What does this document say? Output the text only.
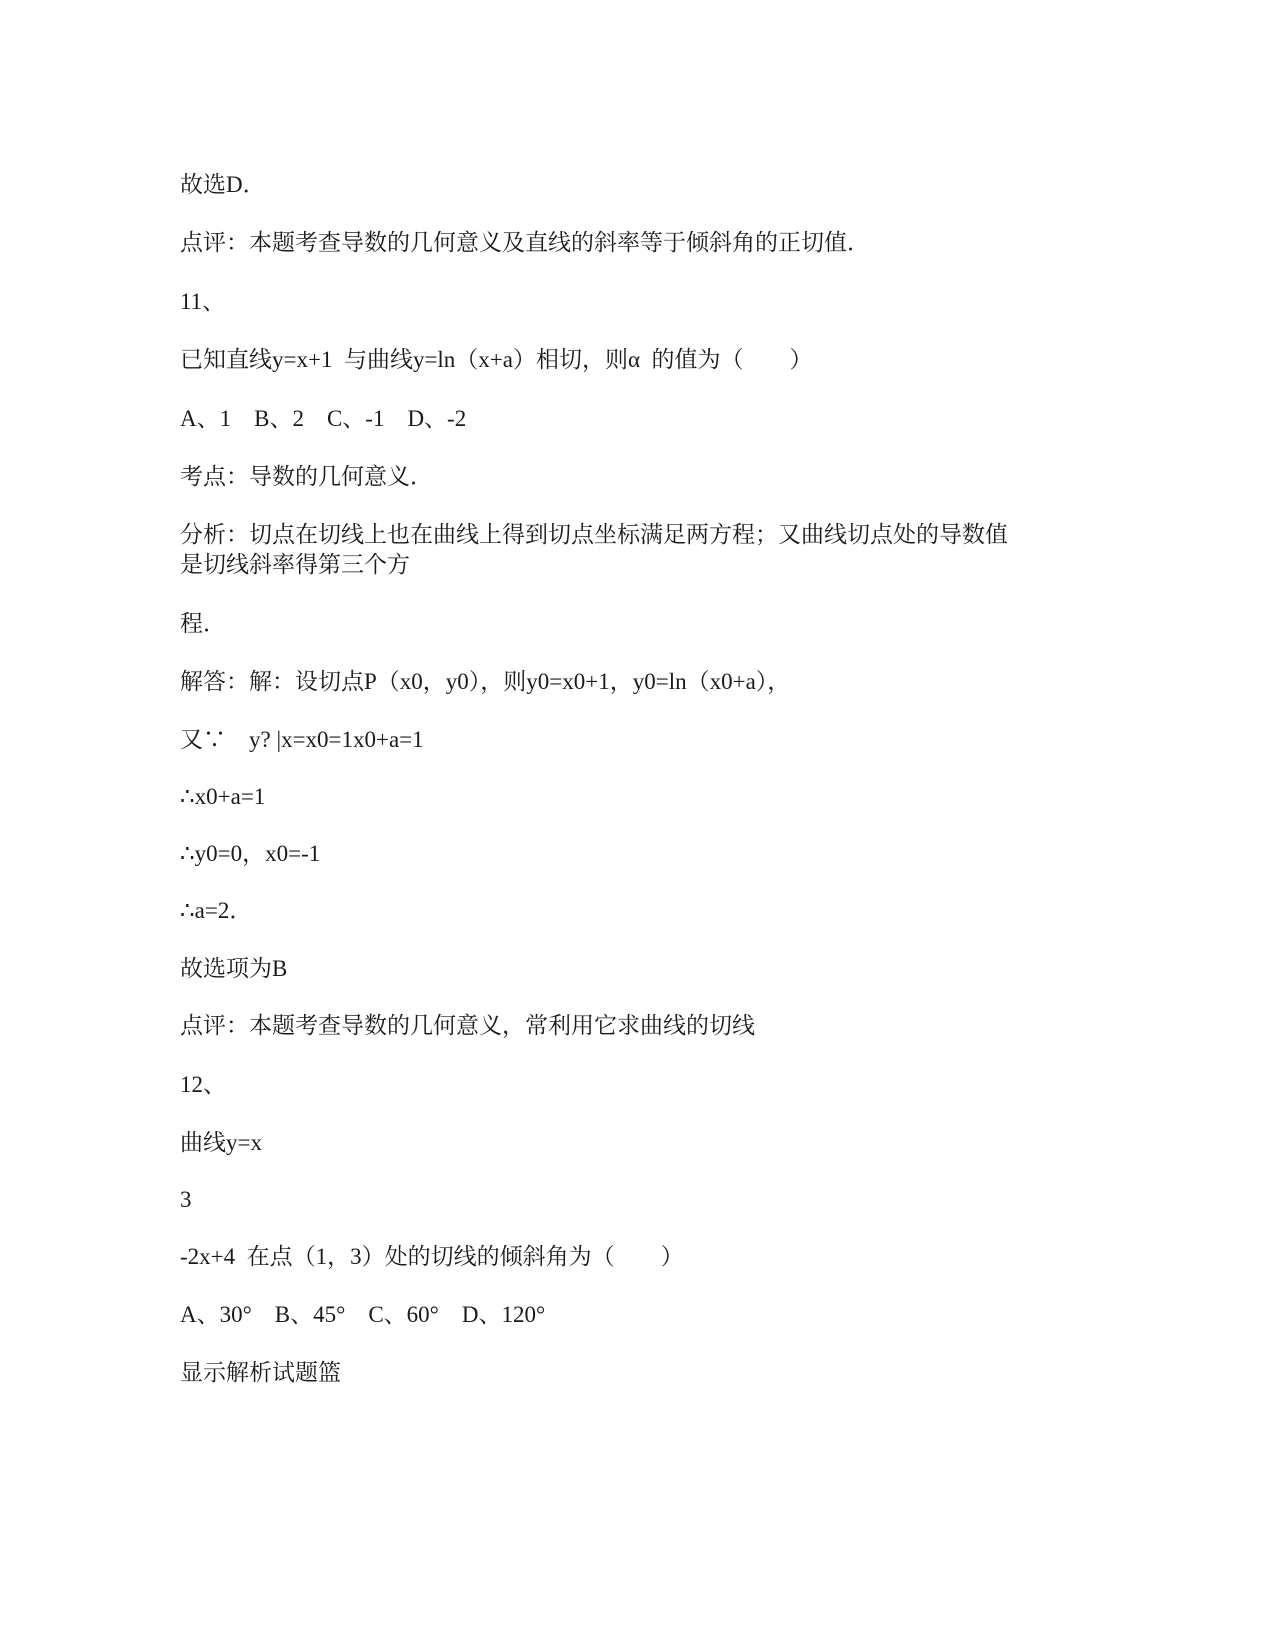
故选D．
点评：本题考查导数的几何意义及直线的斜率等于倾斜角的正切值．
11、
已知直线y=x+1  与曲线y=ln（x+a）相切，则α  的值为（        ）
A、1    B、2    C、-1    D、-2
考点：导数的几何意义．
分析：切点在切线上也在曲线上得到切点坐标满足两方程；又曲线切点处的导数值
是切线斜率得第三个方
程．
解答：解：设切点P（x0，y0），则y0=x0+1，y0=ln（x0+a），
又∵    y? |x=x0=1x0+a=1
∴x0+a=1
∴y0=0，x0=-1
∴a=2．
故选项为B
点评：本题考查导数的几何意义，常利用它求曲线的切线
12、
曲线y=x
3
-2x+4  在点（1，3）处的切线的倾斜角为（        ）
A、30°    B、45°    C、60°    D、120°
显示解析试题篮
